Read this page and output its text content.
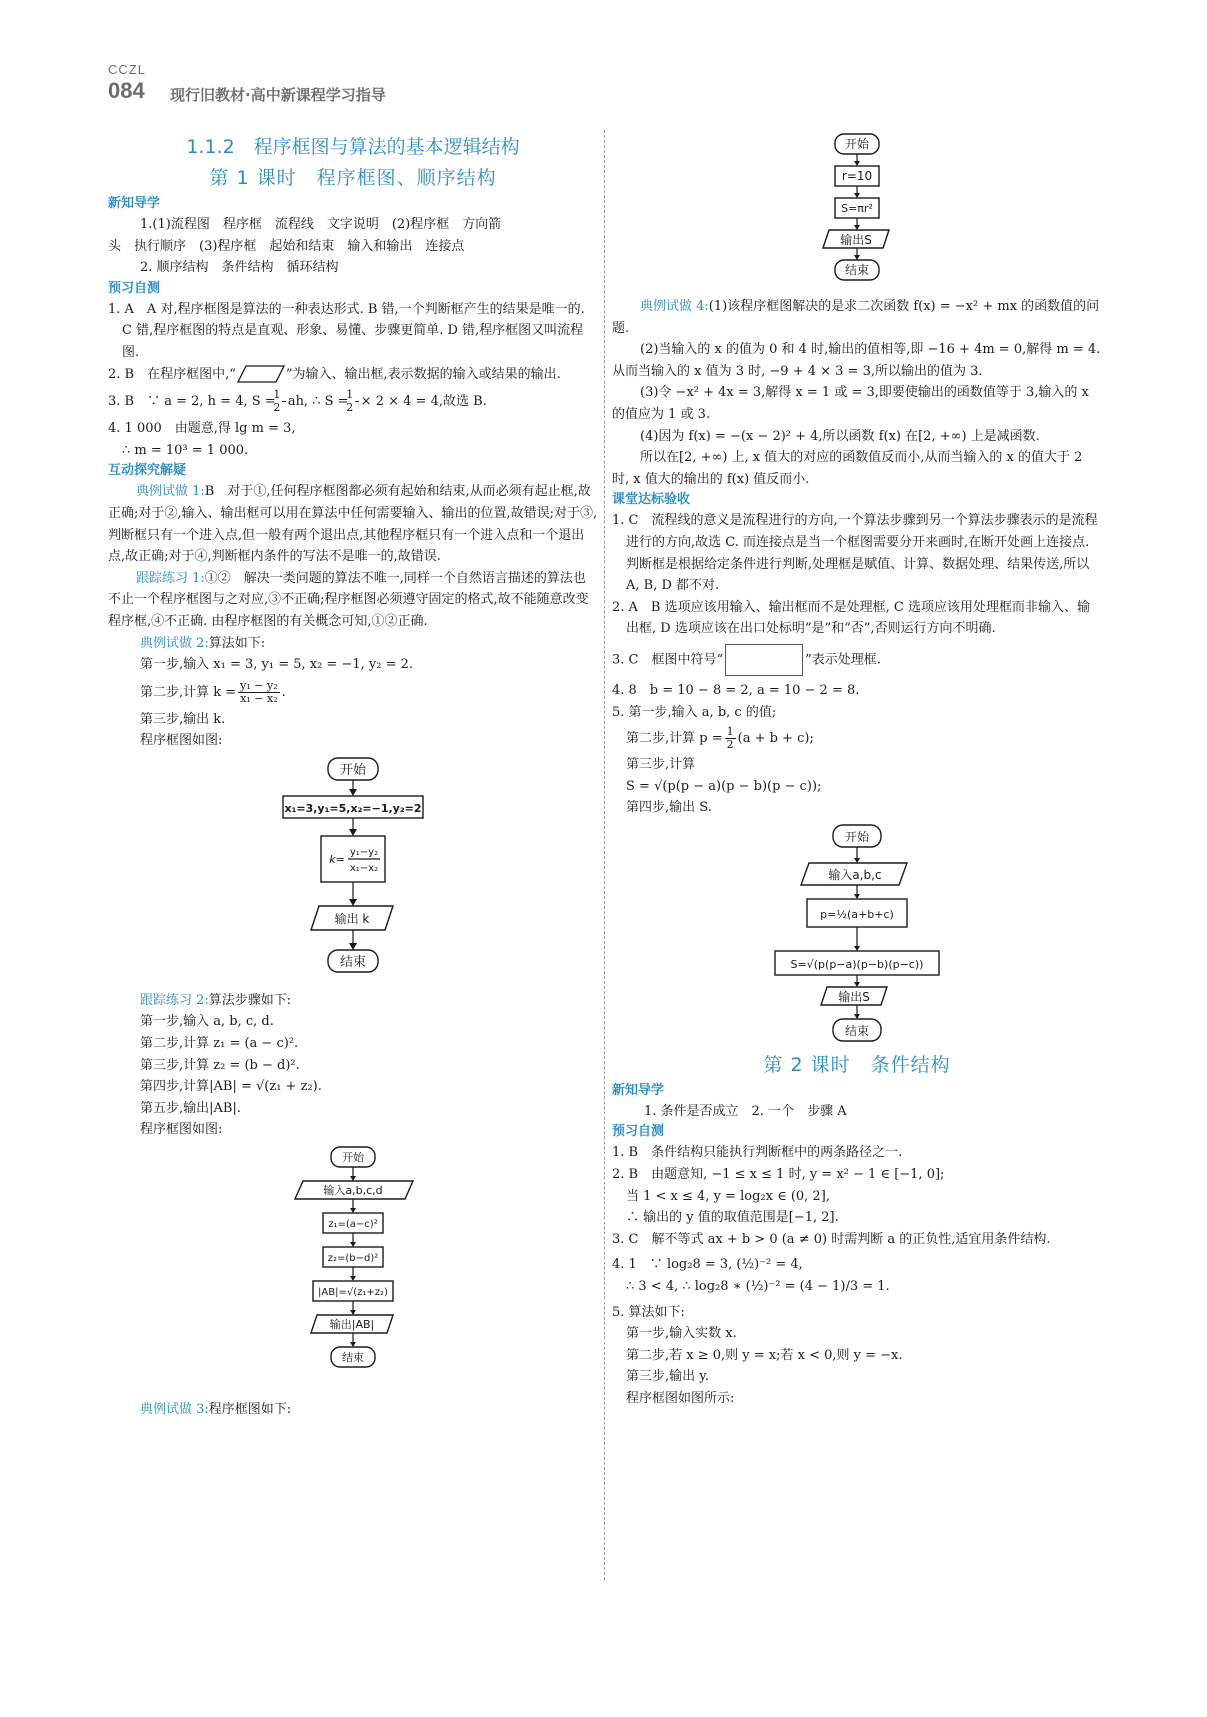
CCZL
084 现行旧教材·高中新课程学习指导
1.1.2　程序框图与算法的基本逻辑结构
第 1 课时　程序框图、顺序结构
新知导学

1.(1)流程图　程序框　流程线　文字说明　(2)程序框　方向箭

头　执行顺序　(3)程序框　起始和结束　输入和输出　连接点

2. 顺序结构　条件结构　循环结构

预习自测

1. A　A 对,程序框图是算法的一种表达形式. B 错,一个判断框产生的结果是唯一的. C 错,程序框图的特点是直观、形象、易懂、步骤更简单. D 错,程序框图又叫流程图.

2. B　在程序框图中,“	”为输入、输出框,表示数据的输入或结果的输出.

3. B　∵ a = 2, h = 4, $S = \frac{1}{2}$ ah, ∴ $S = \frac{1}{2} \times 2 \times 4 = 4$,故选 B.

4. 1 000　由题意,得 lg m = 3,

∴ m = 10³ = 1 000.

互动探究解疑

典例试做 1:B　对于①,任何程序框图都必须有起始和结束,从而必须有起止框,故正确;对于②,输入、输出框可以用在算法中任何需要输入、输出的位置,故错误;对于③,判断框只有一个进入点,但一般有两个退出点,其他程序框只有一个进入点和一个退出点,故正确;对于④,判断框内条件的写法不是唯一的,故错误.

跟踪练习 1:①②　解决一类问题的算法不唯一,同样一个自然语言描述的算法也不止一个程序框图与之对应,③不正确;程序框图必须遵守固定的格式,故不能随意改变程序框,④不正确. 由程序框图的有关概念可知,①②正确.

典例试做 2:算法如下:

第一步,输入 x₁ = 3, y₁ = 5, x₂ = −1, y₂ = 2.

第二步,计算 $k = \frac{\text{y₁ − y₂}}{\text{x₁ − x₂}}$ .

第三步,输出 k.

程序框图如图:

开始
x₁=3,y₁=5,x₂=−1,y₂=2
k=
y₁−y₂
x₁−x₂
输出 k
结束

跟踪练习 2:算法步骤如下:

第一步,输入 a, b, c, d.

第二步,计算 z₁ = (a − c)².

第三步,计算 z₂ = (b − d)².

第四步,计算|AB| = √(z₁ + z₂).

第五步,输出|AB|.

程序框图如图:

开始
输入a,b,c,d
z₁=(a−c)²
z₂=(b−d)²
|AB|=√(z₁+z₂)
输出|AB|
结束

典例试做 3:程序框图如下:

开始
r=10
S=πr²
输出S
结束

典例试做 4:(1)该程序框图解决的是求二次函数 f(x) = −x² + mx 的函数值的问题.

(2)当输入的 x 的值为 0 和 4 时,输出的值相等,即 −16 + 4m = 0,解得 m = 4. 从而当输入的 x 值为 3 时, −9 + 4 × 3 = 3,所以输出的值为 3.

(3)令 −x² + 4x = 3,解得 x = 1 或 = 3,即要使输出的函数值等于 3,输入的 x 的值应为 1 或 3.

(4)因为 f(x) = −(x − 2)² + 4,所以函数 f(x) 在[2, +∞) 上是减函数.

所以在[2, +∞) 上, x 值大的对应的函数值反而小,从而当输入的 x 的值大于 2 时, x 值大的输出的 f(x) 值反而小.

课堂达标验收

1. C　流程线的意义是流程进行的方向,一个算法步骤到另一个算法步骤表示的是流程进行的方向,故选 C. 而连接点是当一个框图需要分开来画时,在断开处画上连接点. 判断框是根据给定条件进行判断,处理框是赋值、计算、数据处理、结果传送,所以 A, B, D 都不对.

2. A　B 选项应该用输入、输出框而不是处理框, C 选项应该用处理框而非输入、输出框, D 选项应该在出口处标明“是”和“否”,否则运行方向不明确.

3. C　框图中符号“	”表示处理框.

4. 8　b = 10 − 8 = 2, a = 10 − 2 = 8.

5. 第一步,输入 a, b, c 的值;

第二步,计算 $p = \frac{1}{2} (a + b + c)$;

第三步,计算

S = √(p(p − a)(p − b)(p − c));

第四步,输出 S.

开始
输入a,b,c
p=½(a+b+c)
S=√(p(p−a)(p−b)(p−c))
输出S
结束
第 2 课时　条件结构
新知导学

1. 条件是否成立　2. 一个　步骤 A

预习自测

1. B　条件结构只能执行判断框中的两条路径之一.

2. B　由题意知, −1 ≤ x ≤ 1 时, y = x² − 1 ∈ [−1, 0];

当 1 < x ≤ 4, y = log₂x ∈ (0, 2],

∴ 输出的 y 值的取值范围是[−1, 2].

3. C　解不等式 ax + b > 0 (a ≠ 0) 时需判断 a 的正负性,适宜用条件结构.

4. 1　∵ log₂8 = 3, (½)⁻² = 4,

∴ 3 < 4, ∴ log₂8 ∗ (½)⁻² = (4 − 1)/3 = 1.

5. 算法如下:

第一步,输入实数 x.

第二步,若 x ≥ 0,则 y = x;若 x < 0,则 y = −x.

第三步,输出 y.

程序框图如图所示:
